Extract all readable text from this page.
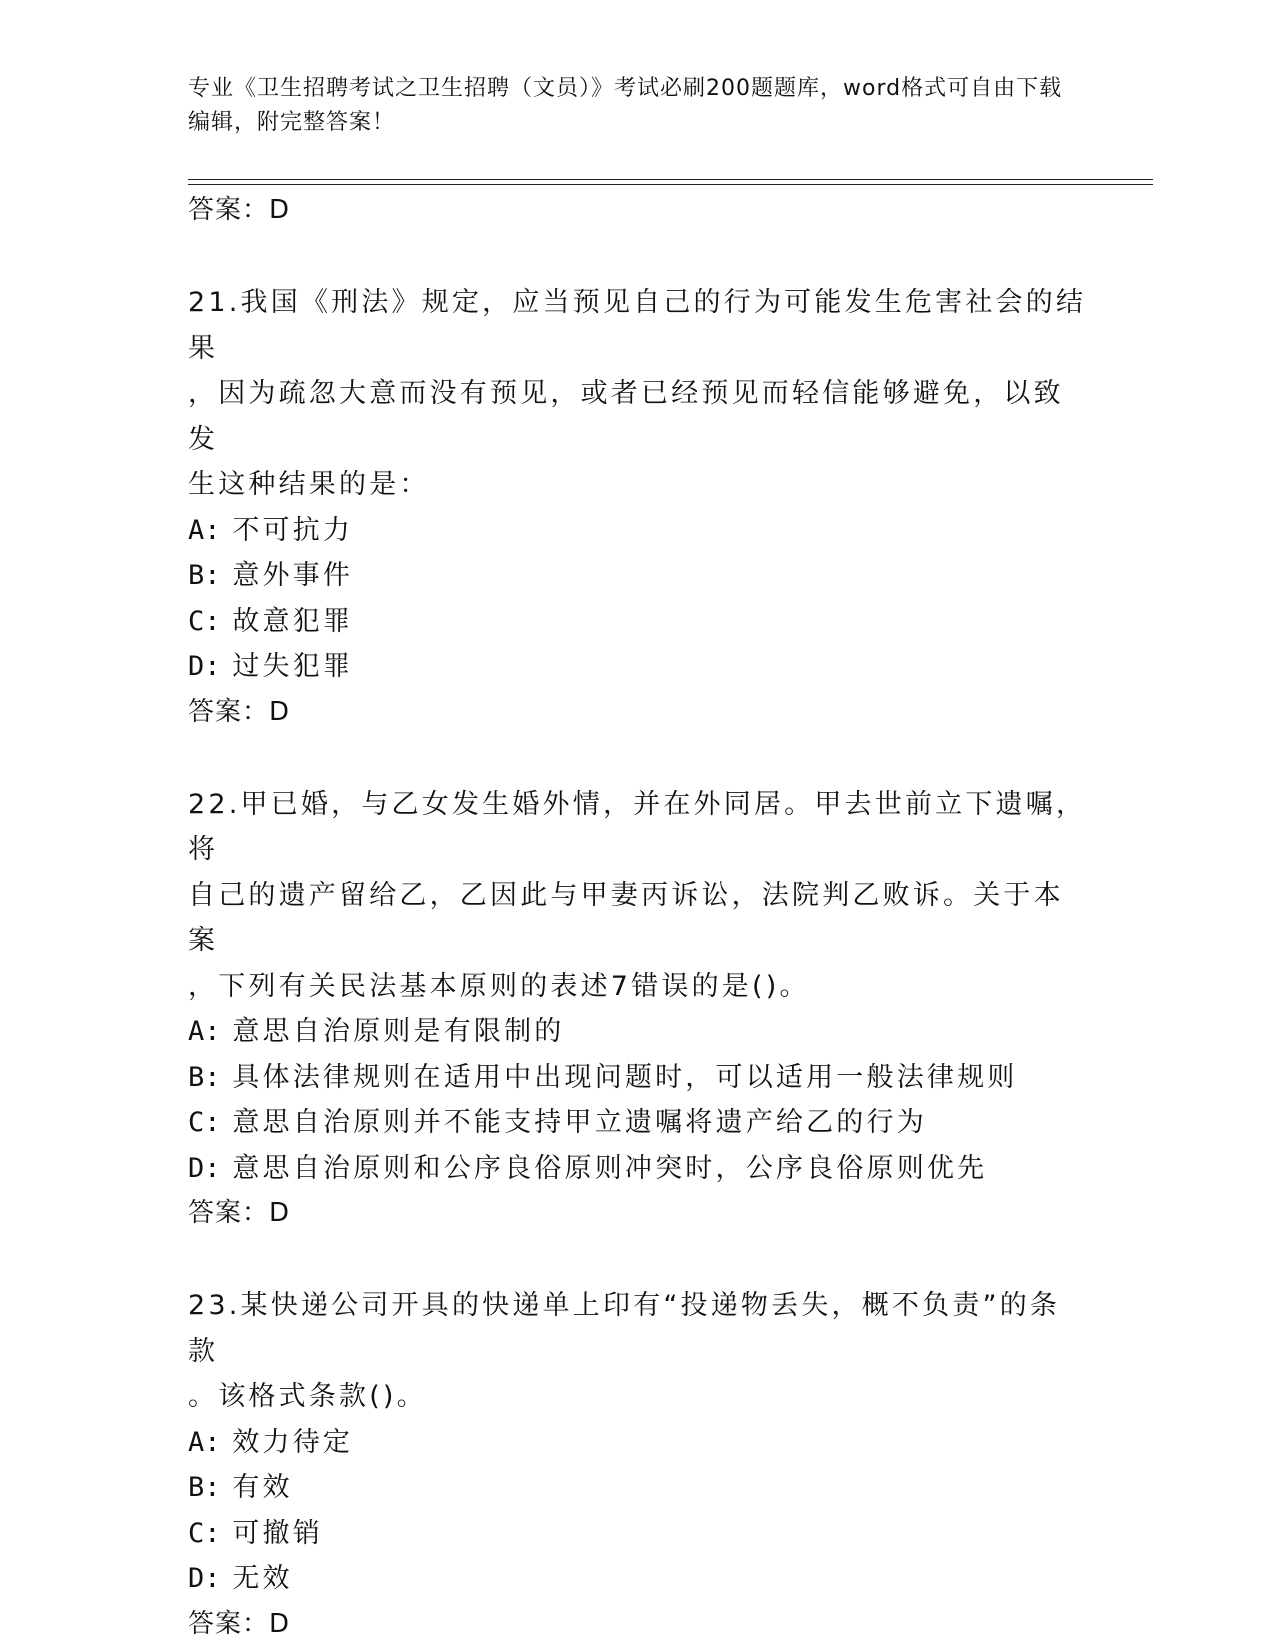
专业《卫生招聘考试之卫生招聘（文员）》考试必刷200题题库，word格式可自由下载编辑，附完整答案！
答案：D
21.我国《刑法》规定，应当预见自己的行为可能发生危害社会的结果
，因为疏忽大意而没有预见，或者已经预见而轻信能够避免，以致发
生这种结果的是：
A: 不可抗力
B: 意外事件
C: 故意犯罪
D: 过失犯罪
答案：D
22.甲已婚，与乙女发生婚外情，并在外同居。甲去世前立下遗嘱，将
自己的遗产留给乙，乙因此与甲妻丙诉讼，法院判乙败诉。关于本案
，下列有关民法基本原则的表述7错误的是()。
A: 意思自治原则是有限制的
B: 具体法律规则在适用中出现问题时，可以适用一般法律规则
C: 意思自治原则并不能支持甲立遗嘱将遗产给乙的行为
D: 意思自治原则和公序良俗原则冲突时，公序良俗原则优先
答案：D
23.某快递公司开具的快递单上印有“投递物丢失，概不负责”的条款
。该格式条款()。
A: 效力待定
B: 有效
C: 可撤销
D: 无效
答案：D
